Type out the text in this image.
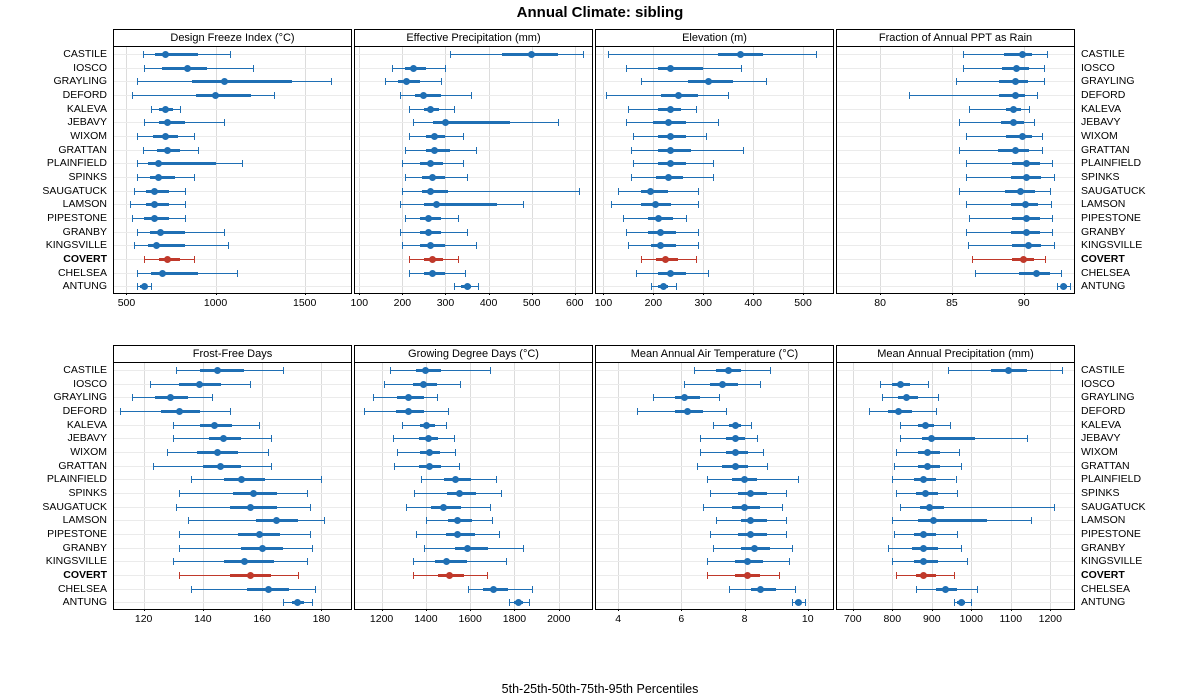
Annual Climate: sibling
5th-25th-50th-75th-95th Percentiles
500	1000	1500
Design Freeze Index (°C)
100 200 300 400 500 600
Effective Precipitation (mm)
100	200	300	400	500
Elevation (m)
80	85	90
Fraction of Annual PPT as Rain
120	140	160	180
Frost-Free Days
1200 1400 1600 1800 2000
Growing Degree Days (°C)
4	6	8	10
Mean Annual Air Temperature (°C)
700 800 900 1000 1100 1200
Mean Annual Precipitation (mm)
CASTILE
IOSCO
GRAYLING
DEFORD
KALEVA
JEBAVY
WIXOM
GRATTAN
PLAINFIELD
SPINKS
SAUGATUCK
LAMSON
PIPESTONE
GRANBY
KINGSVILLE
COVERT
CHELSEA
ANTUNG
CASTILE
IOSCO
GRAYLING
DEFORD
KALEVA
JEBAVY
WIXOM
GRATTAN
PLAINFIELD
SPINKS
SAUGATUCK
LAMSON
PIPESTONE
GRANBY
KINGSVILLE
COVERT
CHELSEA
ANTUNG
CASTILE
IOSCO
GRAYLING
DEFORD
KALEVA
JEBAVY
WIXOM
GRATTAN
PLAINFIELD
SPINKS
SAUGATUCK
LAMSON
PIPESTONE
GRANBY
KINGSVILLE
COVERT
CHELSEA
ANTUNG
CASTILE
IOSCO
GRAYLING
DEFORD
KALEVA
JEBAVY
WIXOM
GRATTAN
PLAINFIELD
SPINKS
SAUGATUCK
LAMSON
PIPESTONE
GRANBY
KINGSVILLE
COVERT
CHELSEA
ANTUNG
